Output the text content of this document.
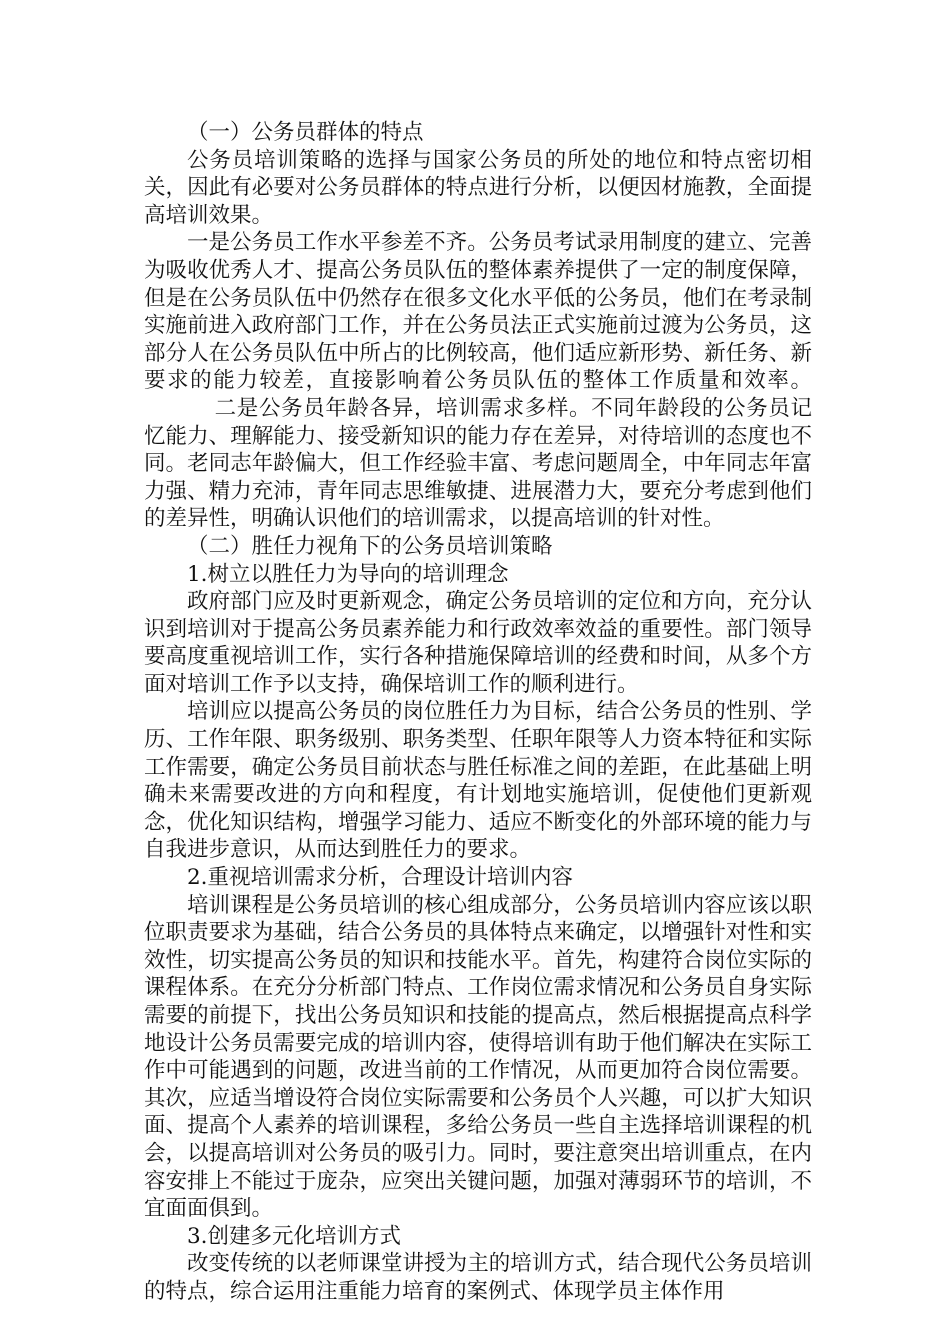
（一）公务员群体的特点

公务员培训策略的选择与国家公务员的所处的地位和特点密切相关，因此有必要对公务员群体的特点进行分析，以便因材施教，全面提高培训效果。

一是公务员工作水平参差不齐。公务员考试录用制度的建立、完善为吸收优秀人才、提高公务员队伍的整体素养提供了一定的制度保障，但是在公务员队伍中仍然存在很多文化水平低的公务员，他们在考录制实施前进入政府部门工作，并在公务员法正式实施前过渡为公务员，这部分人在公务员队伍中所占的比例较高，他们适应新形势、新任务、新要求的能力较差，直接影响着公务员队伍的整体工作质量和效率。二是公务员年龄各异，培训需求多样。不同年龄段的公务员记忆能力、理解能力、接受新知识的能力存在差异，对待培训的态度也不同。老同志年龄偏大，但工作经验丰富、考虑问题周全，中年同志年富力强、精力充沛，青年同志思维敏捷、进展潜力大，要充分考虑到他们的差异性，明确认识他们的培训需求，以提高培训的针对性。

（二）胜任力视角下的公务员培训策略

1.树立以胜任力为导向的培训理念

政府部门应及时更新观念，确定公务员培训的定位和方向，充分认识到培训对于提高公务员素养能力和行政效率效益的重要性。部门领导要高度重视培训工作，实行各种措施保障培训的经费和时间，从多个方面对培训工作予以支持，确保培训工作的顺利进行。

培训应以提高公务员的岗位胜任力为目标，结合公务员的性别、学历、工作年限、职务级别、职务类型、任职年限等人力资本特征和实际工作需要，确定公务员目前状态与胜任标准之间的差距，在此基础上明确未来需要改进的方向和程度，有计划地实施培训，促使他们更新观念，优化知识结构，增强学习能力、适应不断变化的外部环境的能力与自我进步意识，从而达到胜任力的要求。

2.重视培训需求分析，合理设计培训内容

培训课程是公务员培训的核心组成部分，公务员培训内容应该以职位职责要求为基础，结合公务员的具体特点来确定，以增强针对性和实效性，切实提高公务员的知识和技能水平。首先，构建符合岗位实际的课程体系。在充分分析部门特点、工作岗位需求情况和公务员自身实际需要的前提下，找出公务员知识和技能的提高点，然后根据提高点科学地设计公务员需要完成的培训内容，使得培训有助于他们解决在实际工作中可能遇到的问题，改进当前的工作情况，从而更加符合岗位需要。其次，应适当增设符合岗位实际需要和公务员个人兴趣，可以扩大知识面、提高个人素养的培训课程，多给公务员一些自主选择培训课程的机会，以提高培训对公务员的吸引力。同时，要注意突出培训重点，在内容安排上不能过于庞杂，应突出关键问题，加强对薄弱环节的培训，不宜面面俱到。

3.创建多元化培训方式

改变传统的以老师课堂讲授为主的培训方式，结合现代公务员培训的特点，综合运用注重能力培育的案例式、体现学员主体作用
